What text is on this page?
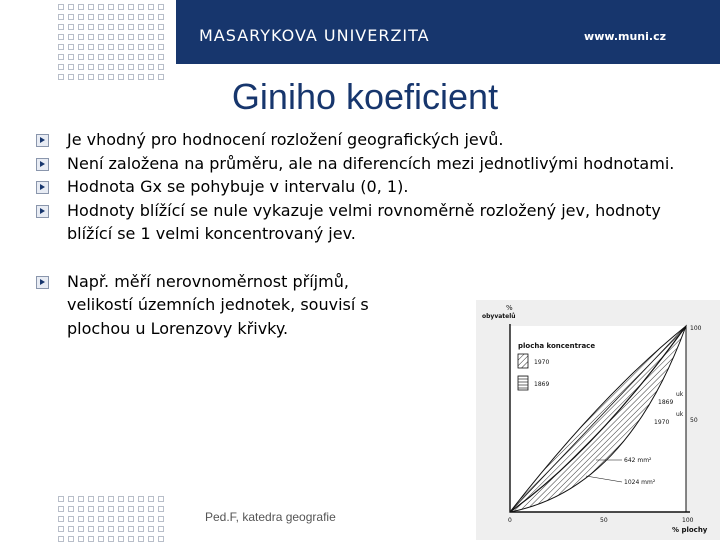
MASARYKOVA UNIVERZITA	www.muni.cz
Giniho koeficient
Je vhodný pro hodnocení rozložení geografických jevů.
Není založena na průměru, ale na diferencích mezi jednotlivými hodnotami.
Hodnota Gx se pohybuje v intervalu (0, 1).
Hodnoty blížící se nule vykazuje velmi rovnoměrně rozložený jev, hodnoty blížící se 1 velmi koncentrovaný jev.
Např. měří nerovnoměrnost příjmů, velikostí územních jednotek, souvisí s plochou u Lorenzovy křivky.
Ped.F, katedra geografie
plocha koncentrace
1970
1869
%
obyvatelů
% plochy
50
100
0	50	100
1869
1970
uk
uk
642 mm²
1024 mm²
